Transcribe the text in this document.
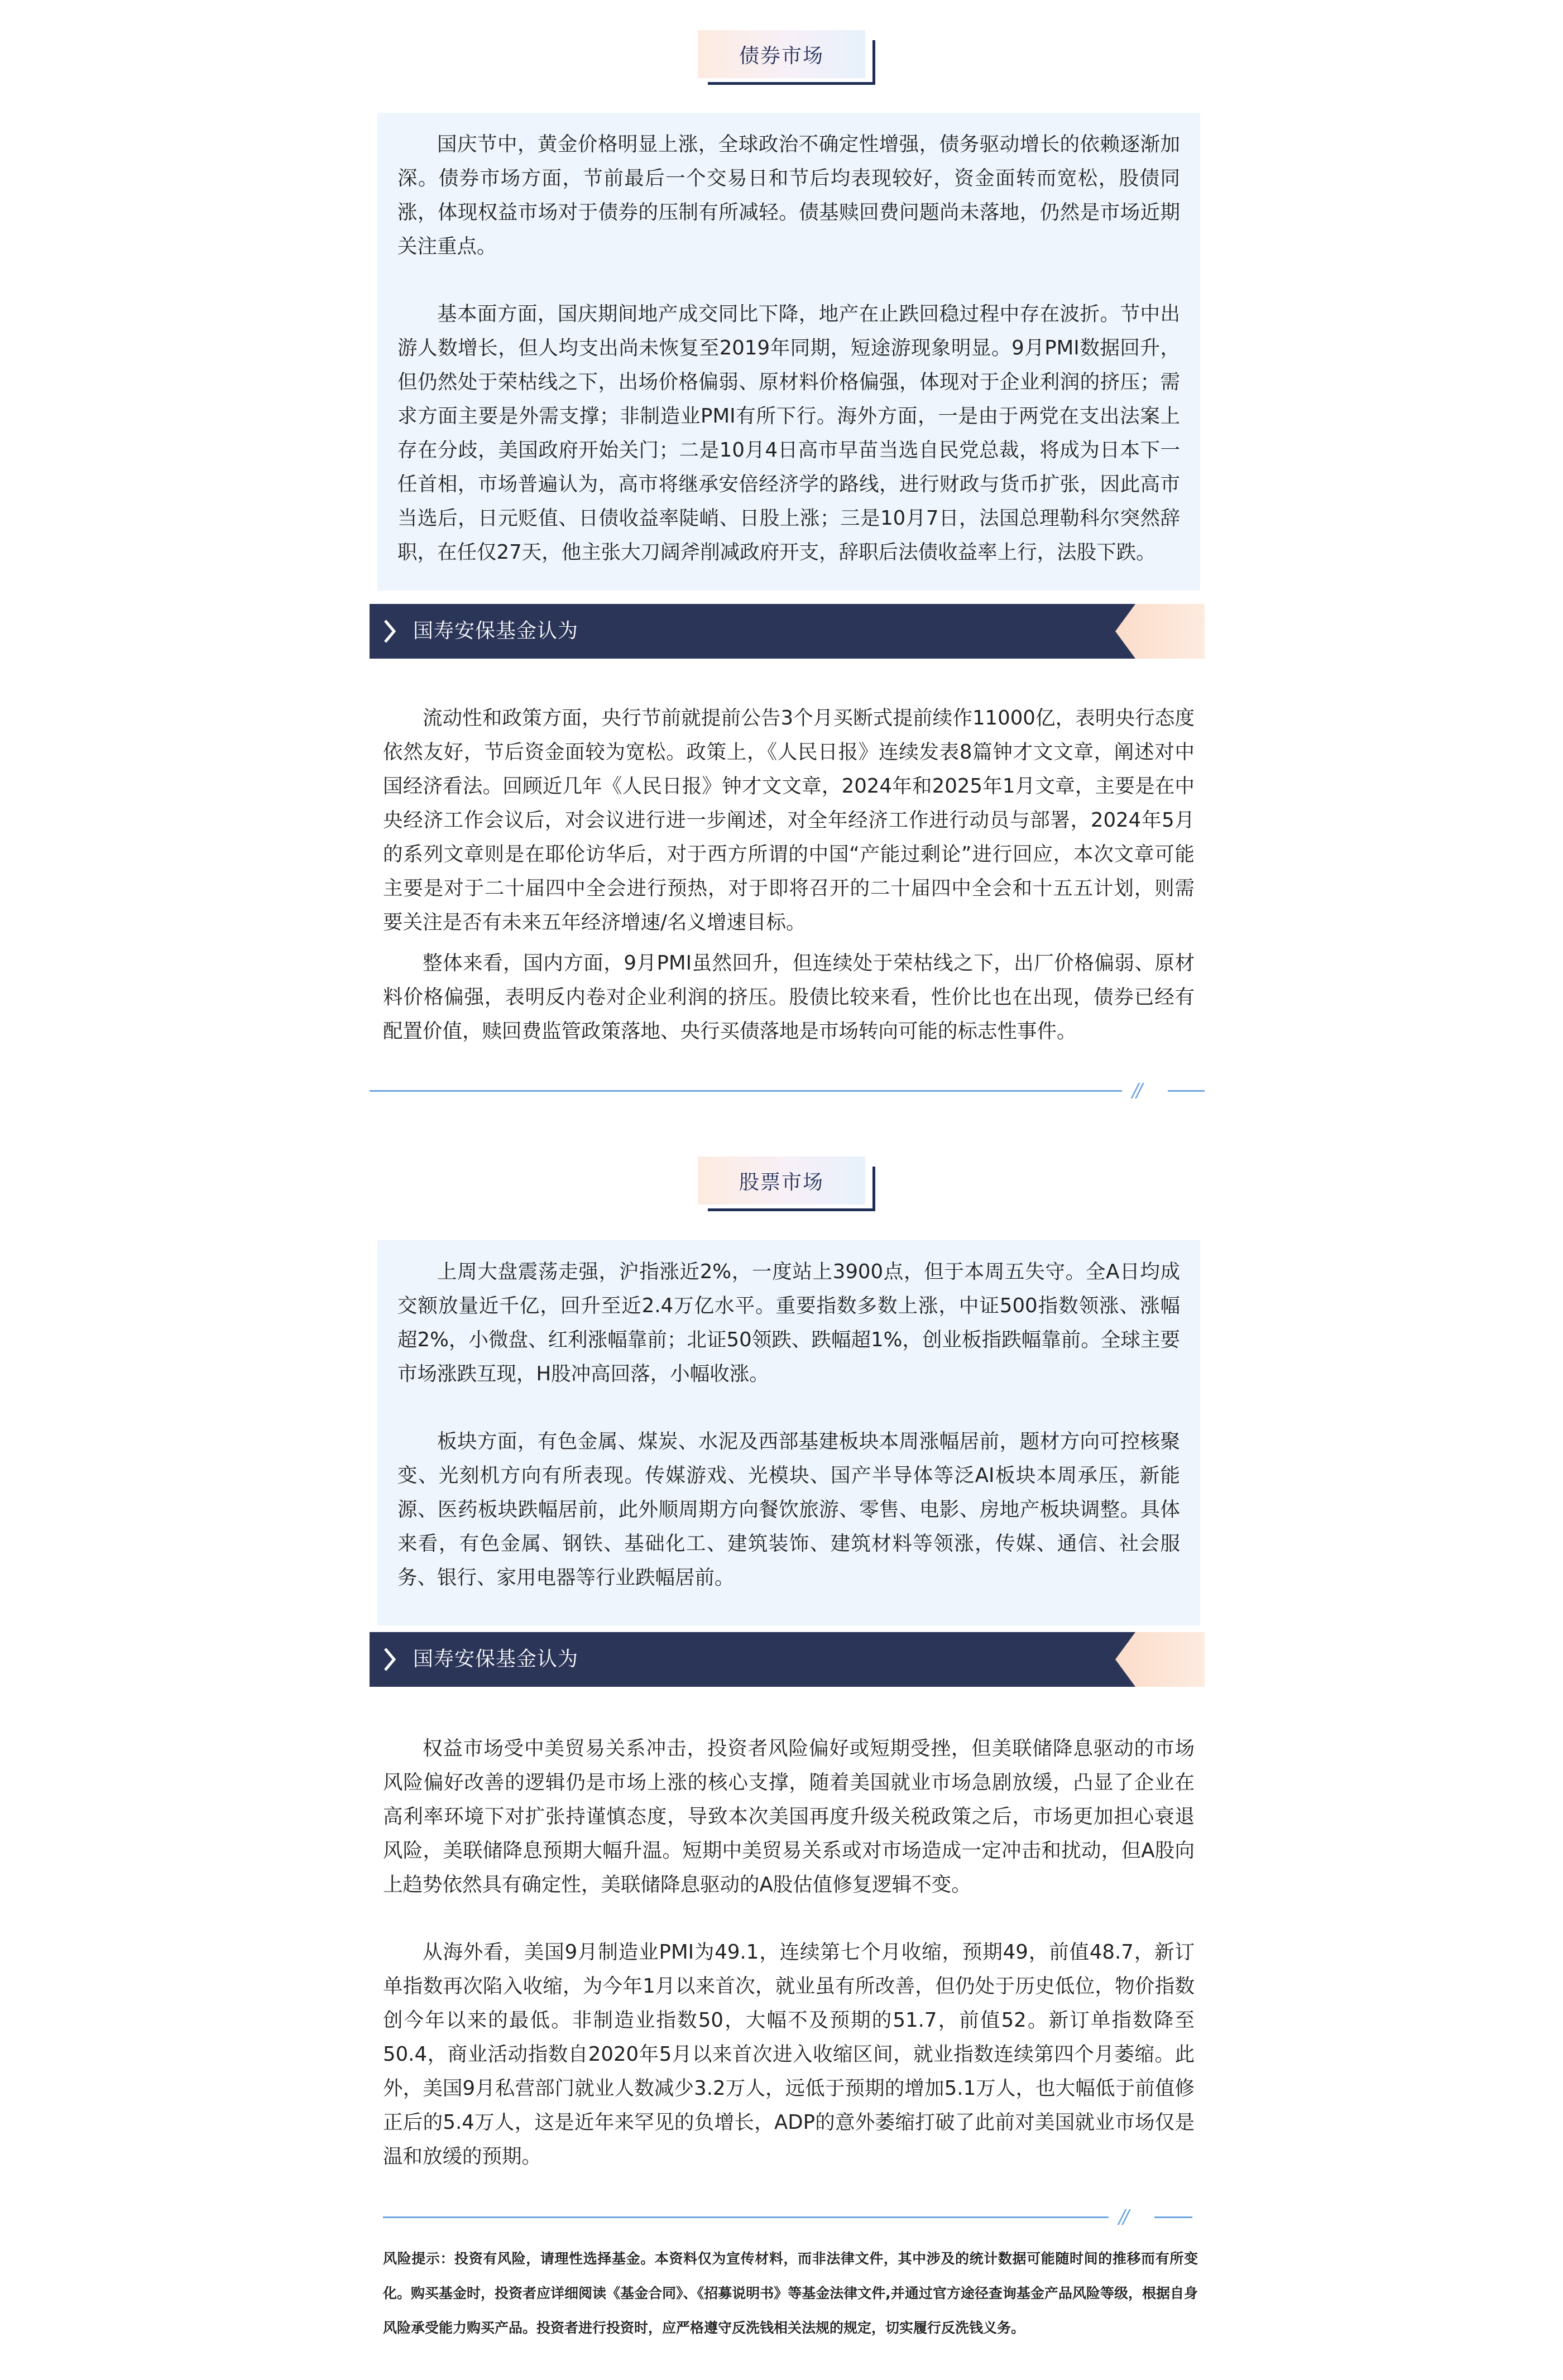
债券市场

国庆节中，黄金价格明显上涨，全球政治不确定性增强，债务驱动增长的依赖逐渐加深。债券市场方面，节前最后一个交易日和节后均表现较好，资金面转而宽松，股债同涨，体现权益市场对于债券的压制有所减轻。债基赎回费问题尚未落地，仍然是市场近期关注重点。

基本面方面，国庆期间地产成交同比下降，地产在止跌回稳过程中存在波折。节中出游人数增长，但人均支出尚未恢复至2019年同期，短途游现象明显。9月PMI数据回升，但仍然处于荣枯线之下，出场价格偏弱、原材料价格偏强，体现对于企业利润的挤压；需求方面主要是外需支撑；非制造业PMI有所下行。海外方面，一是由于两党在支出法案上存在分歧，美国政府开始关门；二是10月4日高市早苗当选自民党总裁，将成为日本下一任首相，市场普遍认为，高市将继承安倍经济学的路线，进行财政与货币扩张，因此高市当选后，日元贬值、日债收益率陡峭、日股上涨；三是10月7日，法国总理勒科尔突然辞职，在任仅27天，他主张大刀阔斧削减政府开支，辞职后法债收益率上行，法股下跌。

国寿安保基金认为

流动性和政策方面，央行节前就提前公告3个月买断式提前续作11000亿，表明央行态度依然友好，节后资金面较为宽松。政策上，《人民日报》连续发表8篇钟才文文章，阐述对中国经济看法。回顾近几年《人民日报》钟才文文章，2024年和2025年1月文章，主要是在中央经济工作会议后，对会议进行进一步阐述，对全年经济工作进行动员与部署，2024年5月的系列文章则是在耶伦访华后，对于西方所谓的中国“产能过剩论”进行回应，本次文章可能主要是对于二十届四中全会进行预热，对于即将召开的二十届四中全会和十五五计划，则需要关注是否有未来五年经济增速/名义增速目标。

整体来看，国内方面，9月PMI虽然回升，但连续处于荣枯线之下，出厂价格偏弱、原材料价格偏强，表明反内卷对企业利润的挤压。股债比较来看，性价比也在出现，债券已经有配置价值，赎回费监管政策落地、央行买债落地是市场转向可能的标志性事件。

//
股票市场

上周大盘震荡走强，沪指涨近2%，一度站上3900点，但于本周五失守。全A日均成交额放量近千亿，回升至近2.4万亿水平。重要指数多数上涨，中证500指数领涨、涨幅超2%，小微盘、红利涨幅靠前；北证50领跌、跌幅超1%，创业板指跌幅靠前。全球主要市场涨跌互现，H股冲高回落，小幅收涨。

板块方面，有色金属、煤炭、水泥及西部基建板块本周涨幅居前，题材方向可控核聚变、光刻机方向有所表现。传媒游戏、光模块、国产半导体等泛AI板块本周承压，新能源、医药板块跌幅居前，此外顺周期方向餐饮旅游、零售、电影、房地产板块调整。具体来看，有色金属、钢铁、基础化工、建筑装饰、建筑材料等领涨，传媒、通信、社会服务、银行、家用电器等行业跌幅居前。

国寿安保基金认为

权益市场受中美贸易关系冲击，投资者风险偏好或短期受挫，但美联储降息驱动的市场风险偏好改善的逻辑仍是市场上涨的核心支撑，随着美国就业市场急剧放缓，凸显了企业在高利率环境下对扩张持谨慎态度，导致本次美国再度升级关税政策之后，市场更加担心衰退风险，美联储降息预期大幅升温。短期中美贸易关系或对市场造成一定冲击和扰动，但A股向上趋势依然具有确定性，美联储降息驱动的A股估值修复逻辑不变。

从海外看，美国9月制造业PMI为49.1，连续第七个月收缩，预期49，前值48.7，新订单指数再次陷入收缩，为今年1月以来首次，就业虽有所改善，但仍处于历史低位，物价指数创今年以来的最低。非制造业指数50，大幅不及预期的51.7，前值52。新订单指数降至50.4，商业活动指数自2020年5月以来首次进入收缩区间，就业指数连续第四个月萎缩。此外，美国9月私营部门就业人数减少3.2万人，远低于预期的增加5.1万人，也大幅低于前值修正后的5.4万人，这是近年来罕见的负增长，ADP的意外萎缩打破了此前对美国就业市场仅是温和放缓的预期。

//

风险提示：投资有风险，请理性选择基金。本资料仅为宣传材料，而非法律文件，其中涉及的统计数据可能随时间的推移而有所变化。购买基金时，投资者应详细阅读《基金合同》、《招募说明书》等基金法律文件,并通过官方途径查询基金产品风险等级，根据自身风险承受能力购买产品。投资者进行投资时，应严格遵守反洗钱相关法规的规定，切实履行反洗钱义务。
